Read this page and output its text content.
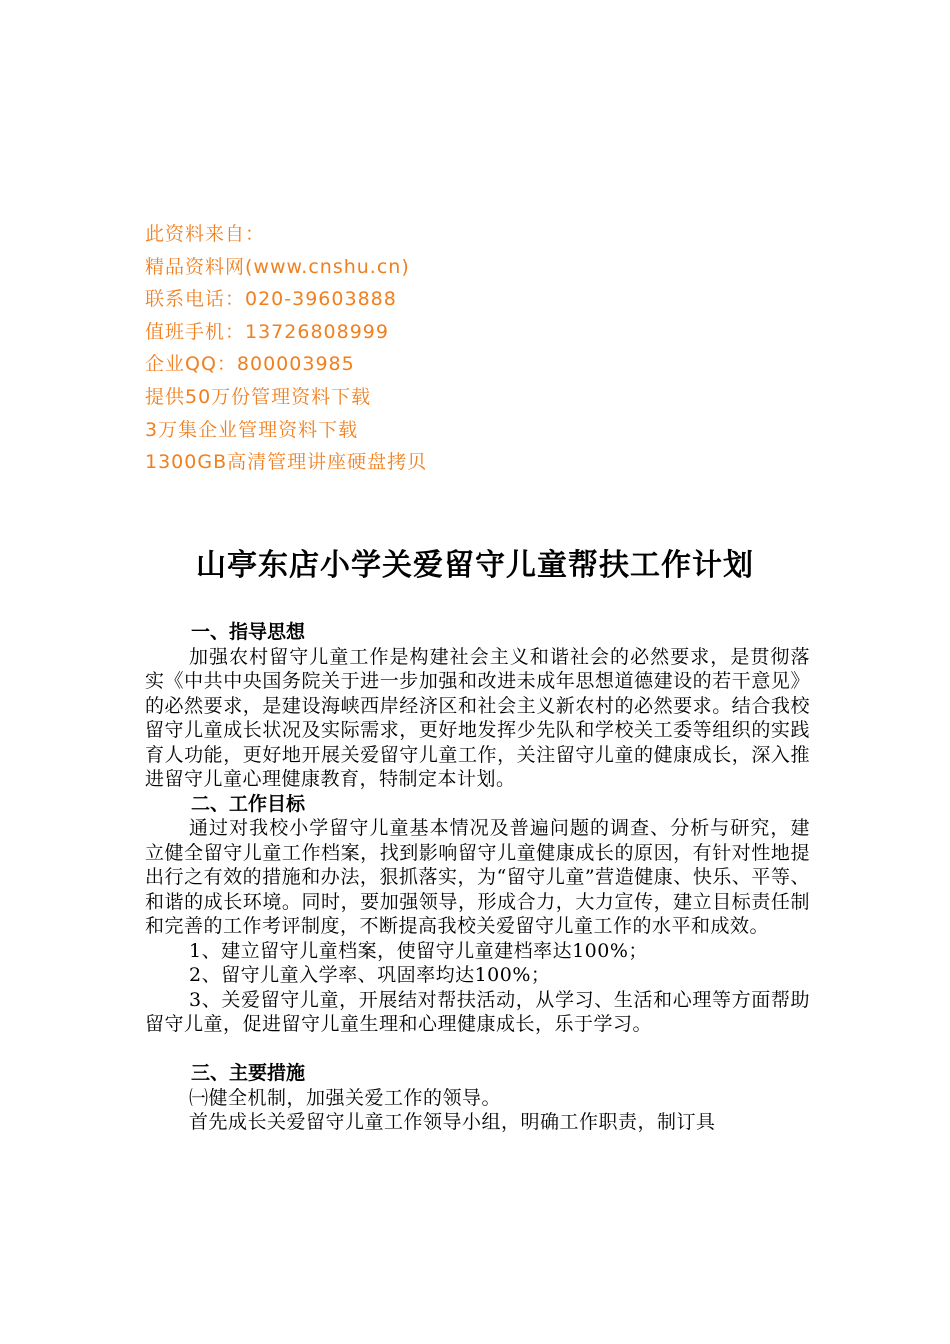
此资料来自：
精品资料网(www.cnshu.cn)
联系电话：020-39603888
值班手机：13726808999
企业QQ：800003985
提供50万份管理资料下载
3万集企业管理资料下载
1300GB高清管理讲座硬盘拷贝
山亭东店小学关爱留守儿童帮扶工作计划
一、指导思想
加强农村留守儿童工作是构建社会主义和谐社会的必然要求，是贯彻落实《中共中央国务院关于进一步加强和改进未成年思想道德建设的若干意见》的必然要求，是建设海峡西岸经济区和社会主义新农村的必然要求。结合我校留守儿童成长状况及实际需求，更好地发挥少先队和学校关工委等组织的实践育人功能，更好地开展关爱留守儿童工作，关注留守儿童的健康成长，深入推进留守儿童心理健康教育，特制定本计划。
二、工作目标
通过对我校小学留守儿童基本情况及普遍问题的调查、分析与研究，建立健全留守儿童工作档案，找到影响留守儿童健康成长的原因，有针对性地提出行之有效的措施和办法，狠抓落实，为“留守儿童”营造健康、快乐、平等、和谐的成长环境。同时，要加强领导，形成合力，大力宣传，建立目标责任制和完善的工作考评制度，不断提高我校关爱留守儿童工作的水平和成效。
1、建立留守儿童档案，使留守儿童建档率达100%；
2、留守儿童入学率、巩固率均达100%；
3、关爱留守儿童，开展结对帮扶活动，从学习、生活和心理等方面帮助留守儿童，促进留守儿童生理和心理健康成长，乐于学习。
三、主要措施
㈠健全机制，加强关爱工作的领导。
首先成长关爱留守儿童工作领导小组，明确工作职责，制订具
